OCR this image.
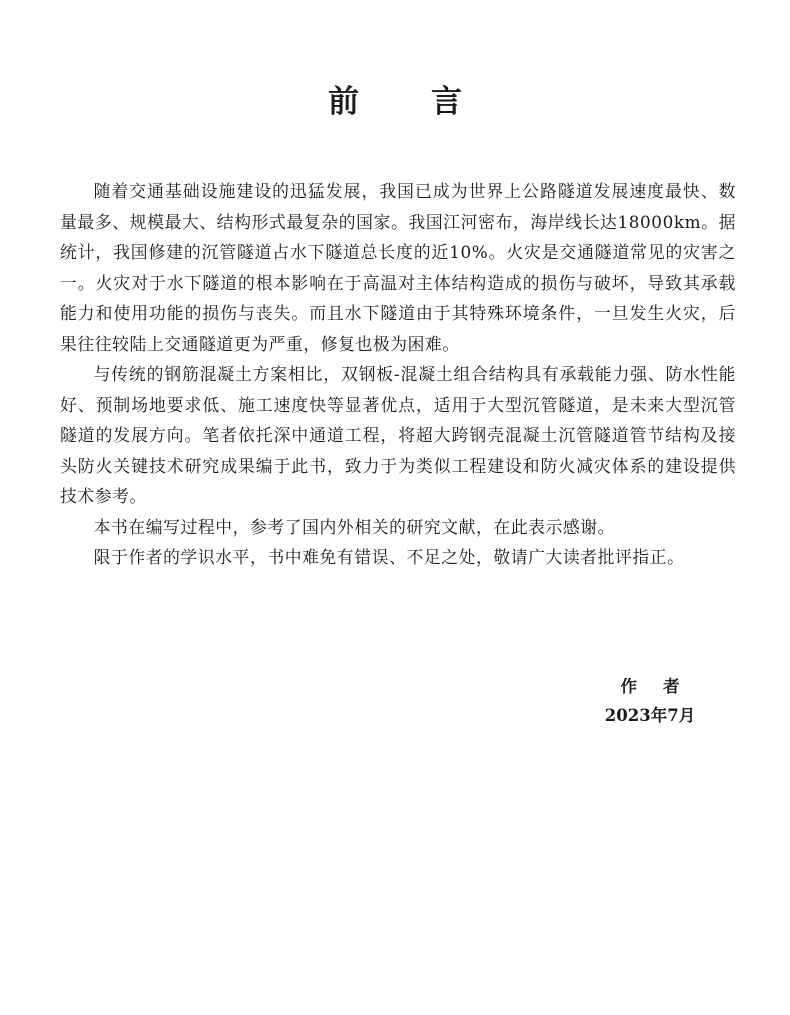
前言

随着交通基础设施建设的迅猛发展，我国已成为世界上公路隧道发展速度最快、数量最多、规模最大、结构形式最复杂的国家。我国江河密布，海岸线长达18000km。据统计，我国修建的沉管隧道占水下隧道总长度的近10%。火灾是交通隧道常见的灾害之一。火灾对于水下隧道的根本影响在于高温对主体结构造成的损伤与破坏，导致其承载能力和使用功能的损伤与丧失。而且水下隧道由于其特殊环境条件，一旦发生火灾，后果往往较陆上交通隧道更为严重，修复也极为困难。

与传统的钢筋混凝土方案相比，双钢板-混凝土组合结构具有承载能力强、防水性能好、预制场地要求低、施工速度快等显著优点，适用于大型沉管隧道，是未来大型沉管隧道的发展方向。笔者依托深中通道工程，将超大跨钢壳混凝土沉管隧道管节结构及接头防火关键技术研究成果编于此书，致力于为类似工程建设和防火减灾体系的建设提供技术参考。

本书在编写过程中，参考了国内外相关的研究文献，在此表示感谢。

限于作者的学识水平，书中难免有错误、不足之处，敬请广大读者批评指正。

作者

2023年7月
